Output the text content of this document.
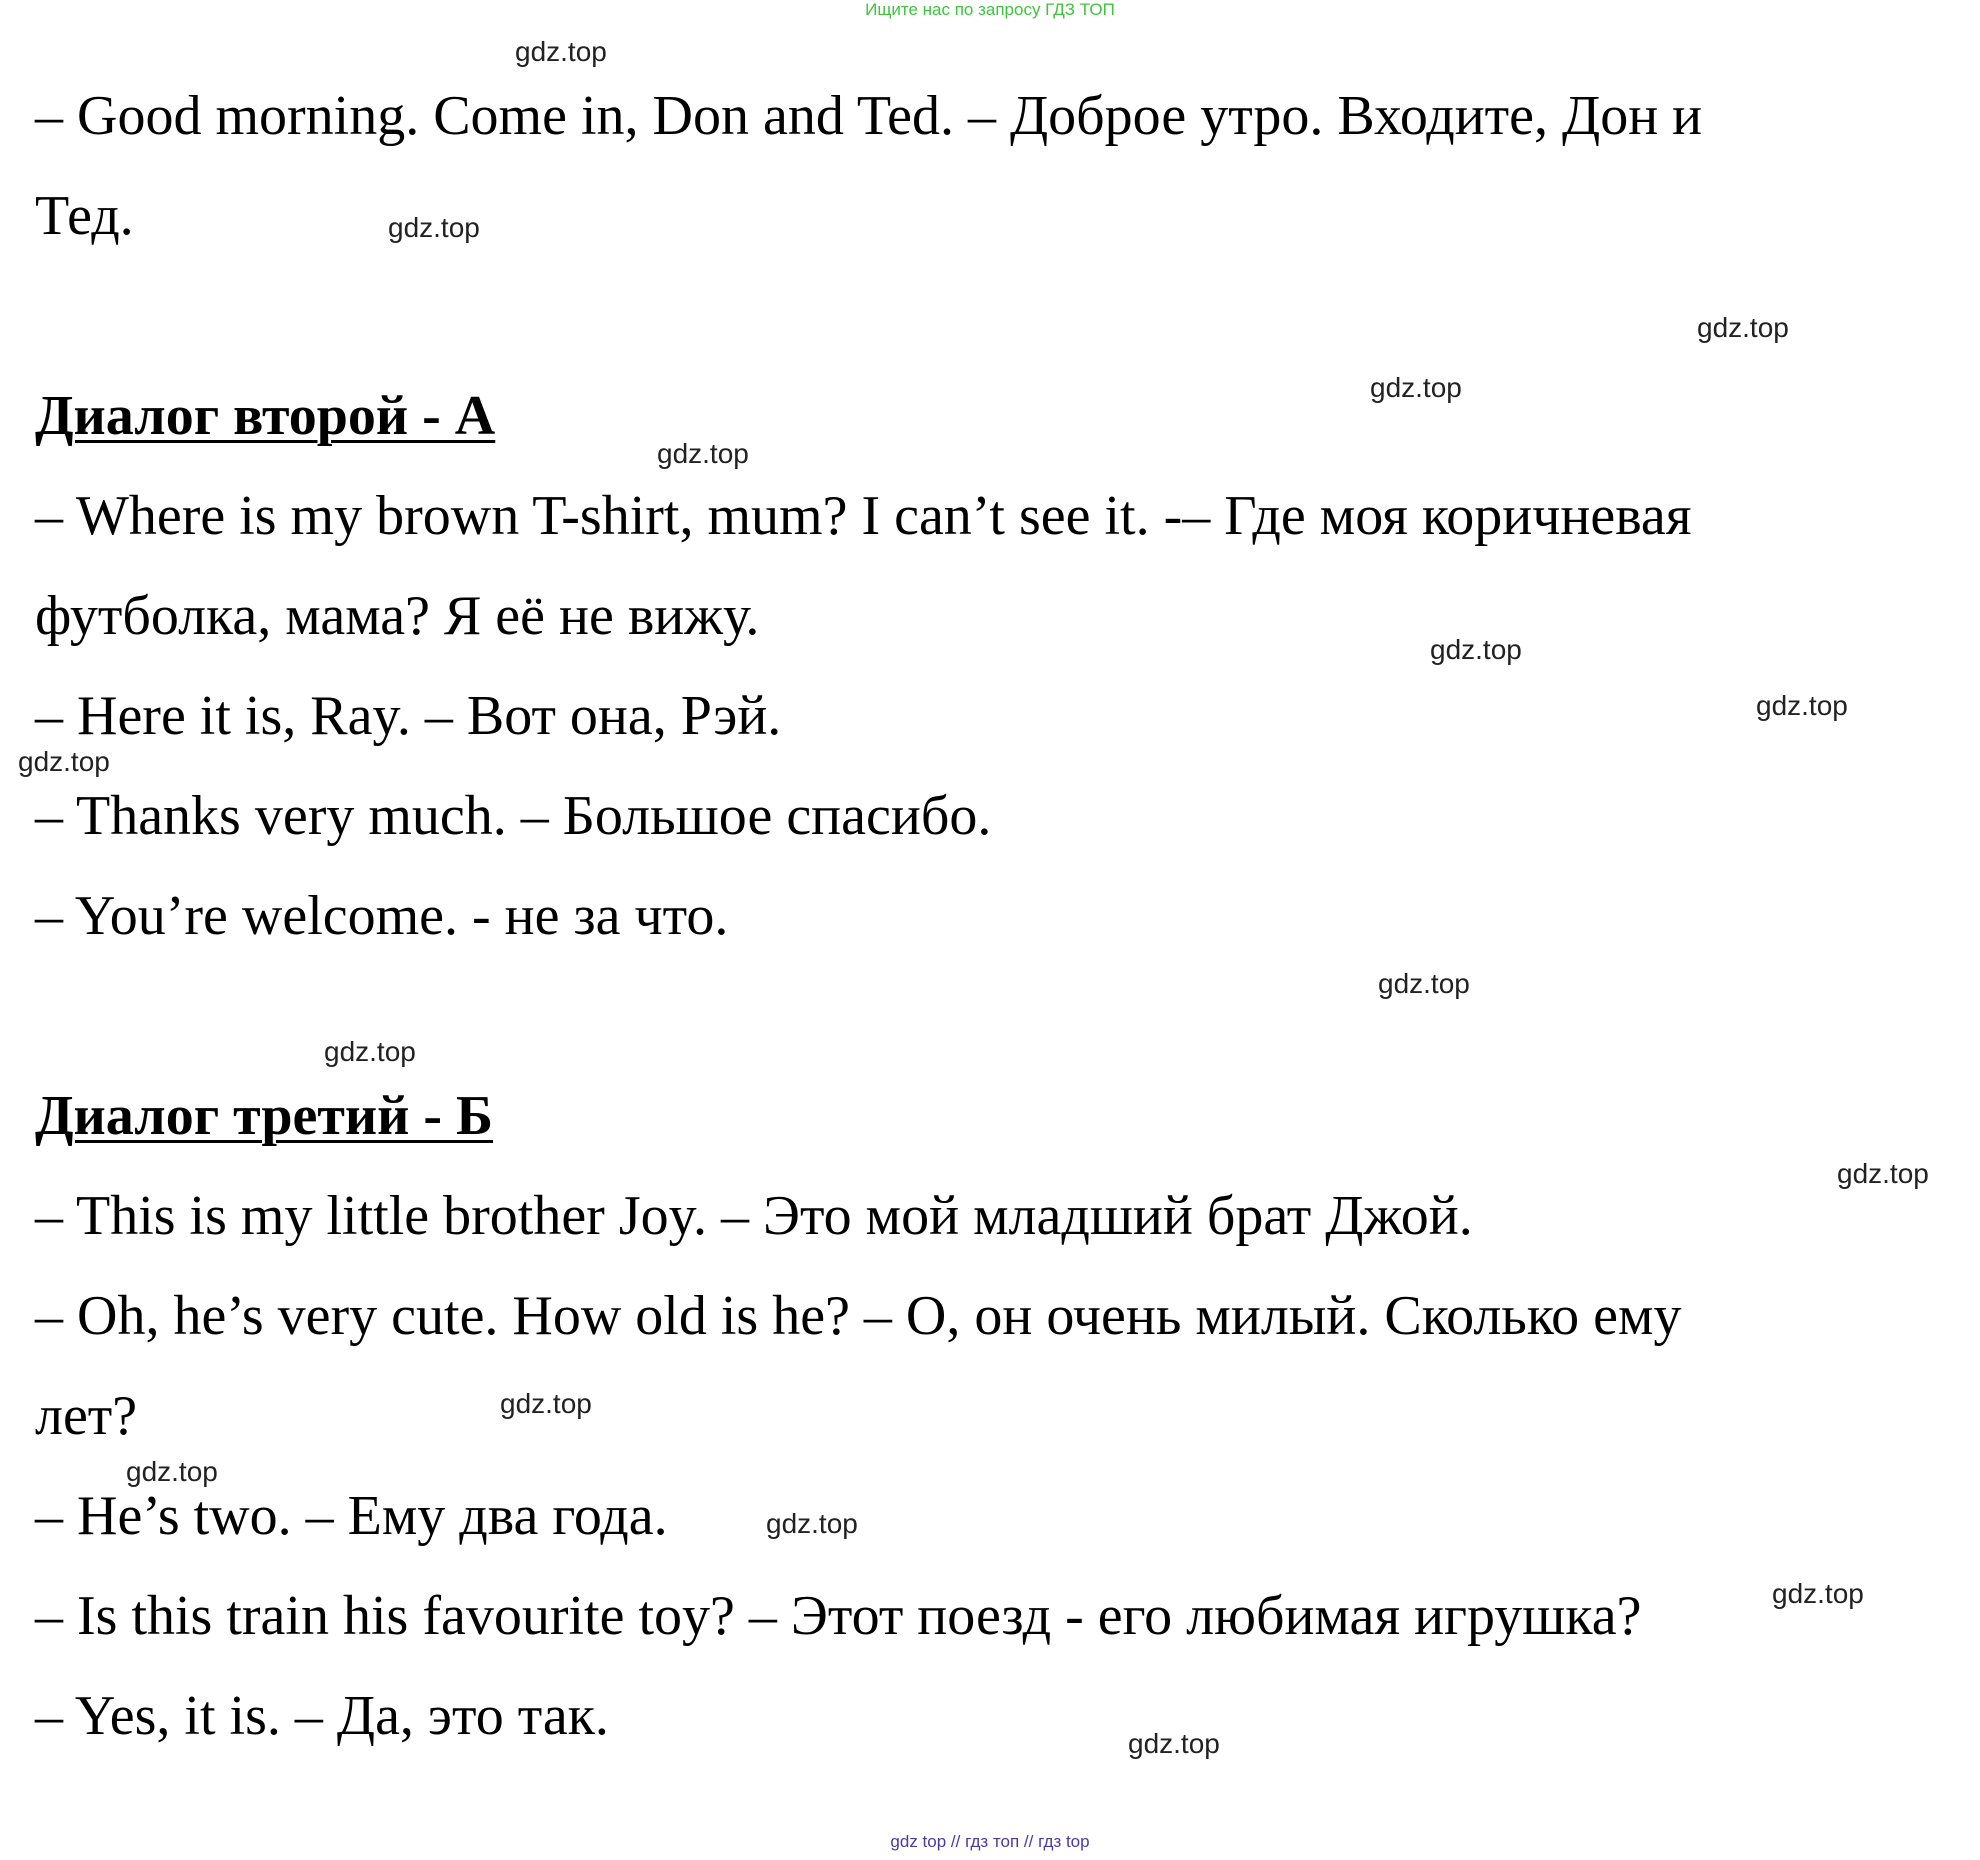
Ищите нас по запросу ГДЗ ТОП
– Good morning. Come in, Don and Ted. – Доброе утро. Входите, Дон и
Тед.
Диалог второй - А
– Where is my brown T-shirt, mum? I can’t see it. -– Где моя коричневая
футболка, мама? Я её не вижу.
– Here it is, Ray. – Вот она, Рэй.
– Thanks very much. – Большое спасибо.
– You’re welcome. - не за что.
Диалог третий - Б
– This is my little brother Joy. – Это мой младший брат Джой.
– Oh, he’s very cute. How old is he? – О, он очень милый. Сколько ему
лет?
– He’s two. – Ему два года.
– Is this train his favourite toy? – Этот поезд - его любимая игрушка?
– Yes, it is. – Да, это так.
gdz.top
gdz.top
gdz.top
gdz.top
gdz.top
gdz.top
gdz.top
gdz.top
gdz.top
gdz.top
gdz.top
gdz.top
gdz.top
gdz.top
gdz.top
gdz.top
gdz top // гдз топ // гдз top
